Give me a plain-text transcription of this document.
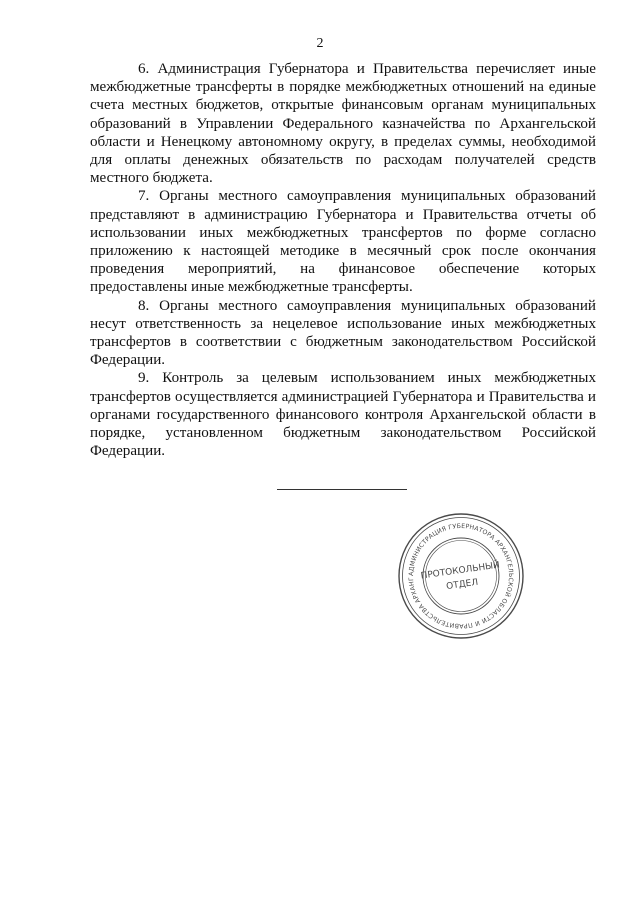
2

6. Администрация Губернатора и Правительства перечисляет иные межбюджетные трансферты в порядке межбюджетных отношений на единые счета местных бюджетов, открытые финансовым органам муниципальных образований в Управлении Федерального казначейства по Архангельской области и Ненецкому автономному округу, в пределах суммы, необходимой для оплаты денежных обязательств по расходам получателей средств местного бюджета.

7. Органы местного самоуправления муниципальных образований представляют в администрацию Губернатора и Правительства отчеты об использовании иных межбюджетных трансфертов по форме согласно приложению к настоящей методике в месячный срок после окончания проведения мероприятий, на финансовое обеспечение которых предоставлены иные межбюджетные трансферты.

8. Органы местного самоуправления муниципальных образований несут ответственность за нецелевое использование иных межбюджетных трансфертов в соответствии с бюджетным законодательством Российской Федерации.

9. Контроль за целевым использованием иных межбюджетных трансфертов осуществляется администрацией Губернатора и Правительства и органами государственного финансового контроля Архангельской области в порядке, установленном бюджетным законодательством Российской Федерации.

АДМИНИСТРАЦИЯ ГУБЕРНАТОРА АРХАНГЕЛЬСКОЙ ОБЛАСТИ И ПРАВИТЕЛЬСТВА АРХАНГ ПРОТОКОЛЬНЫЙ
ОТДЕЛ
